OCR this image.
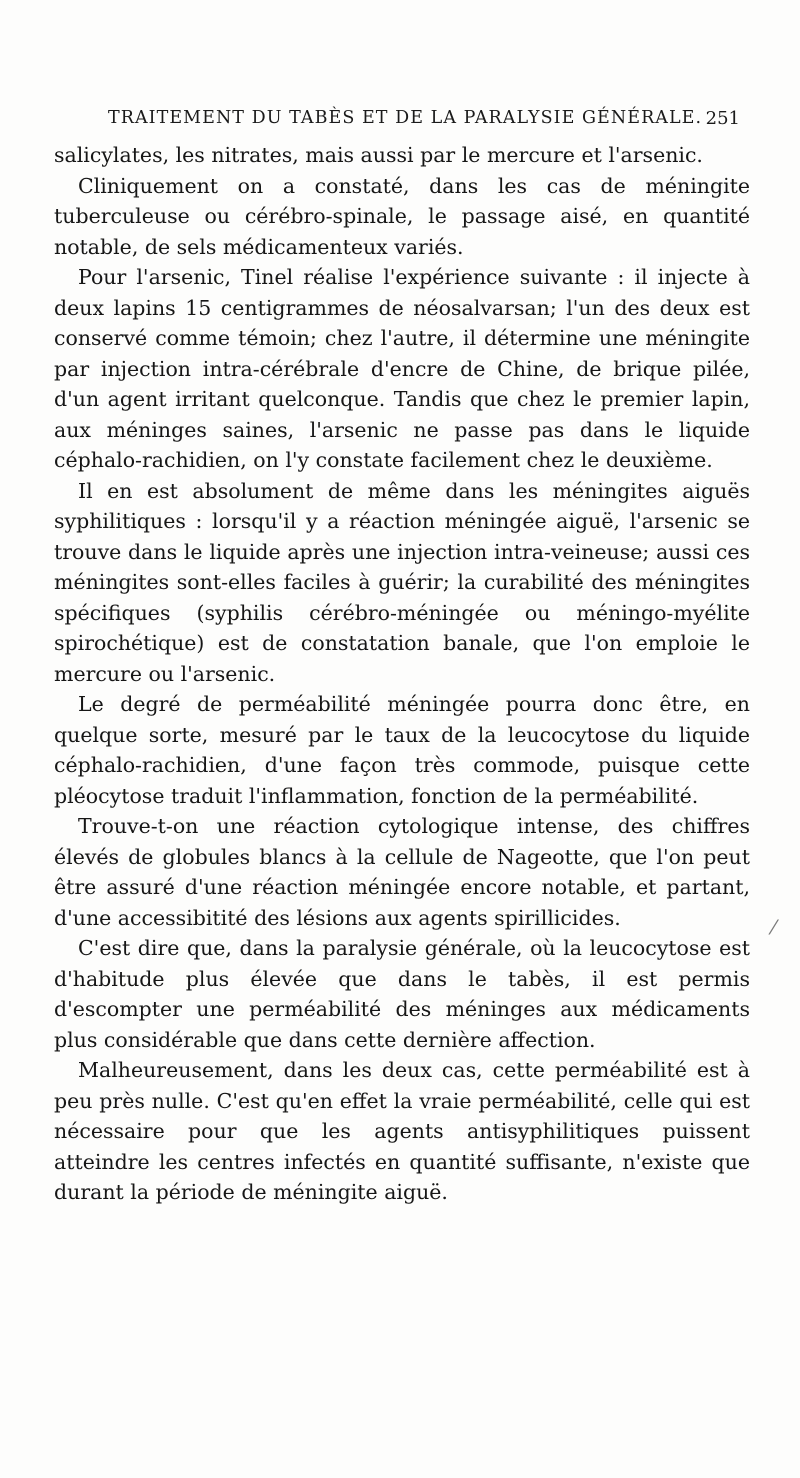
TRAITEMENT DU TABÈS ET DE LA PARALYSIE GÉNÉRALE. 251

salicylates, les nitrates, mais aussi par le mercure et l'arsenic.

Cliniquement on a constaté, dans les cas de méningite tuberculeuse ou cérébro-spinale, le passage aisé, en quantité notable, de sels médicamenteux variés.

Pour l'arsenic, Tinel réalise l'expérience suivante : il injecte à deux lapins 15 centigrammes de néosalvarsan; l'un des deux est conservé comme témoin; chez l'autre, il détermine une méningite par injection intra-cérébrale d'encre de Chine, de brique pilée, d'un agent irritant quelconque. Tandis que chez le premier lapin, aux méninges saines, l'arsenic ne passe pas dans le liquide céphalo-rachidien, on l'y constate facilement chez le deuxième.

Il en est absolument de même dans les méningites aiguës syphilitiques : lorsqu'il y a réaction méningée aiguë, l'arsenic se trouve dans le liquide après une injection intra-veineuse; aussi ces méningites sont-elles faciles à guérir; la curabilité des méningites spécifiques (syphilis cérébro-méningée ou méningo-myélite spirochétique) est de constatation banale, que l'on emploie le mercure ou l'arsenic.

Le degré de perméabilité méningée pourra donc être, en quelque sorte, mesuré par le taux de la leucocytose du liquide céphalo-rachidien, d'une façon très commode, puisque cette pléocytose traduit l'inflammation, fonction de la perméabilité.

Trouve-t-on une réaction cytologique intense, des chiffres élevés de globules blancs à la cellule de Nageotte, que l'on peut être assuré d'une réaction méningée encore notable, et partant, d'une accessibitité des lésions aux agents spirillicides.

C'est dire que, dans la paralysie générale, où la leucocytose est d'habitude plus élevée que dans le tabès, il est permis d'escompter une perméabilité des méninges aux médicaments plus considérable que dans cette dernière affection.

Malheureusement, dans les deux cas, cette perméabilité est à peu près nulle. C'est qu'en effet la vraie perméabilité, celle qui est nécessaire pour que les agents antisyphilitiques puissent atteindre les centres infectés en quantité suffisante, n'existe que durant la période de méningite aiguë.

⁄
